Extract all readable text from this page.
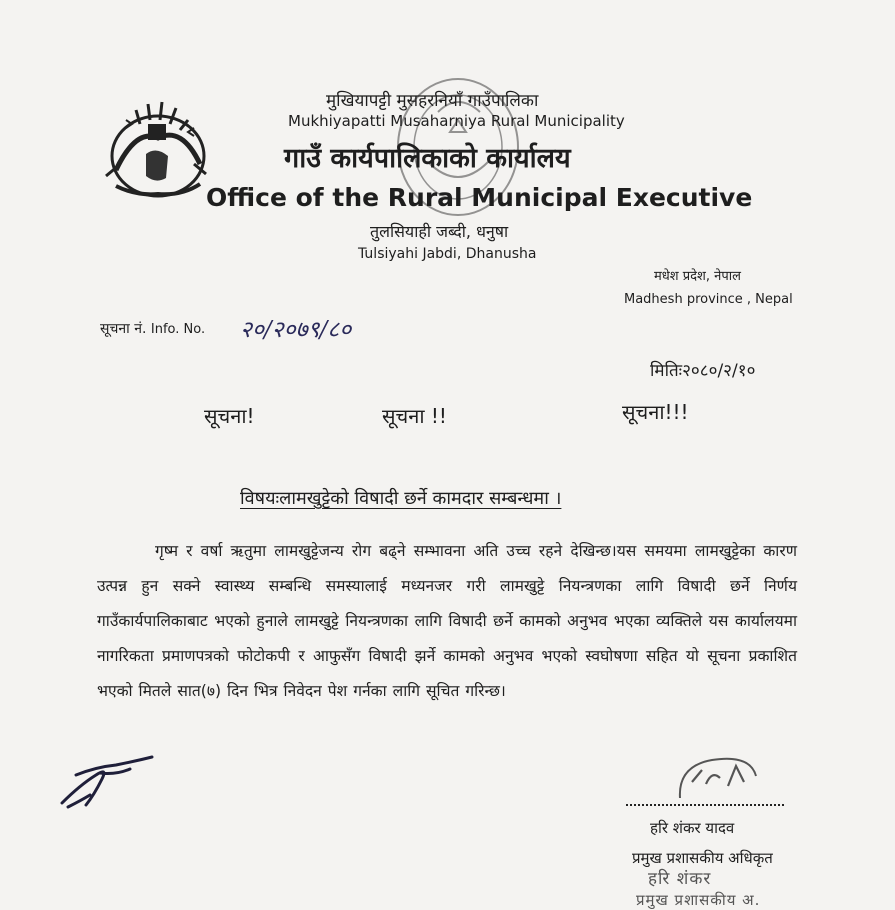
मुखियापट्टी मुसहरनियाँ गाउँपालिका
Mukhiyapatti Musaharniya Rural Municipality
गाउँ कार्यपालिकाको कार्यालय
Office of the Rural Municipal Executive
तुलसियाही जब्दी, धनुषा
Tulsiyahi Jabdi, Dhanusha
मधेश प्रदेश, नेपाल
Madhesh province , Nepal
सूचना नं. Info. No. २०/२०७९/८०
मितिः२०८०/२/१०
सूचना!	सूचना !!	सूचना!!!
विषयःलामखुट्टेको विषादी छर्ने कामदार सम्बन्धमा ।
गृष्म र वर्षा ऋतुमा लामखुट्टेजन्य रोग बढ्ने सम्भावना अति उच्च रहने देखिन्छ।यस समयमा लामखुट्टेका कारण उत्पन्न हुन सक्ने स्वास्थ्य सम्बन्धि समस्यालाई मध्यनजर गरी लामखुट्टे नियन्त्रणका लागि विषादी छर्ने निर्णय गाउँकार्यपालिकाबाट भएको हुनाले लामखुट्टे नियन्त्रणका लागि विषादी छर्ने कामको अनुभव भएका व्यक्तिले यस कार्यालयमा नागरिकता प्रमाणपत्रको फोटोकपी र आफुसँग विषादी झर्ने कामको अनुभव भएको स्वघोषणा सहित यो सूचना प्रकाशित भएको मितले सात(७) दिन भित्र निवेदन पेश गर्नका लागि सूचित गरिन्छ।
हरि शंकर यादव
प्रमुख प्रशासकीय अधिकृत
हरि शंकर
प्रमुख प्रशासकीय अ.
